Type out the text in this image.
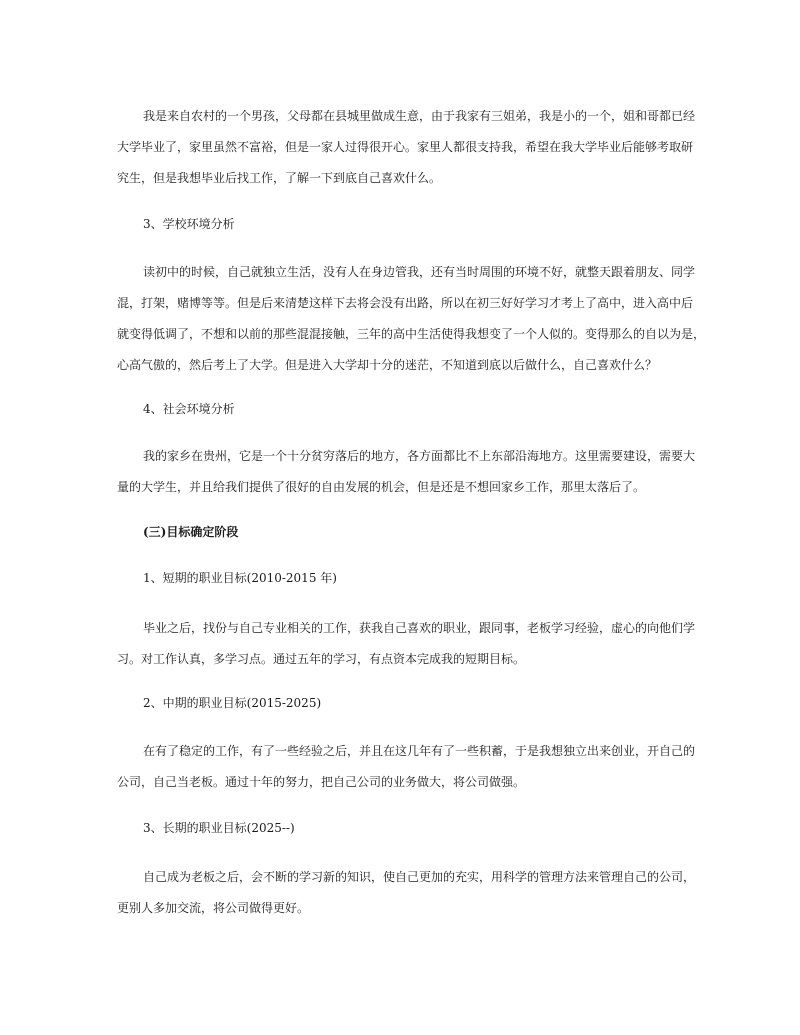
我是来自农村的一个男孩，父母都在县城里做成生意，由于我家有三姐弟，我是小的一个，姐和哥都已经
大学毕业了，家里虽然不富裕，但是一家人过得很开心。家里人都很支持我，希望在我大学毕业后能够考取研
究生，但是我想毕业后找工作，了解一下到底自己喜欢什么。

3、学校环境分析

读初中的时候，自己就独立生活，没有人在身边管我，还有当时周围的环境不好，就整天跟着朋友、同学
混，打架，赌博等等。但是后来清楚这样下去将会没有出路，所以在初三好好学习才考上了高中，进入高中后
就变得低调了，不想和以前的那些混混接触，三年的高中生活使得我想变了一个人似的。变得那么的自以为是，
心高气傲的，然后考上了大学。但是进入大学却十分的迷茫，不知道到底以后做什么，自己喜欢什么？

4、社会环境分析

我的家乡在贵州，它是一个十分贫穷落后的地方，各方面都比不上东部沿海地方。这里需要建设，需要大
量的大学生，并且给我们提供了很好的自由发展的机会，但是还是不想回家乡工作，那里太落后了。

(三)目标确定阶段

1、短期的职业目标(2010-2015 年)

毕业之后，找份与自己专业相关的工作，获我自己喜欢的职业，跟同事，老板学习经验，虚心的向他们学
习。对工作认真，多学习点。通过五年的学习，有点资本完成我的短期目标。

2、中期的职业目标(2015-2025)

在有了稳定的工作，有了一些经验之后，并且在这几年有了一些积蓄，于是我想独立出来创业，开自己的
公司，自己当老板。通过十年的努力，把自己公司的业务做大，将公司做强。

3、长期的职业目标(2025--)

自己成为老板之后，会不断的学习新的知识，使自己更加的充实，用科学的管理方法来管理自己的公司，
更别人多加交流，将公司做得更好。
